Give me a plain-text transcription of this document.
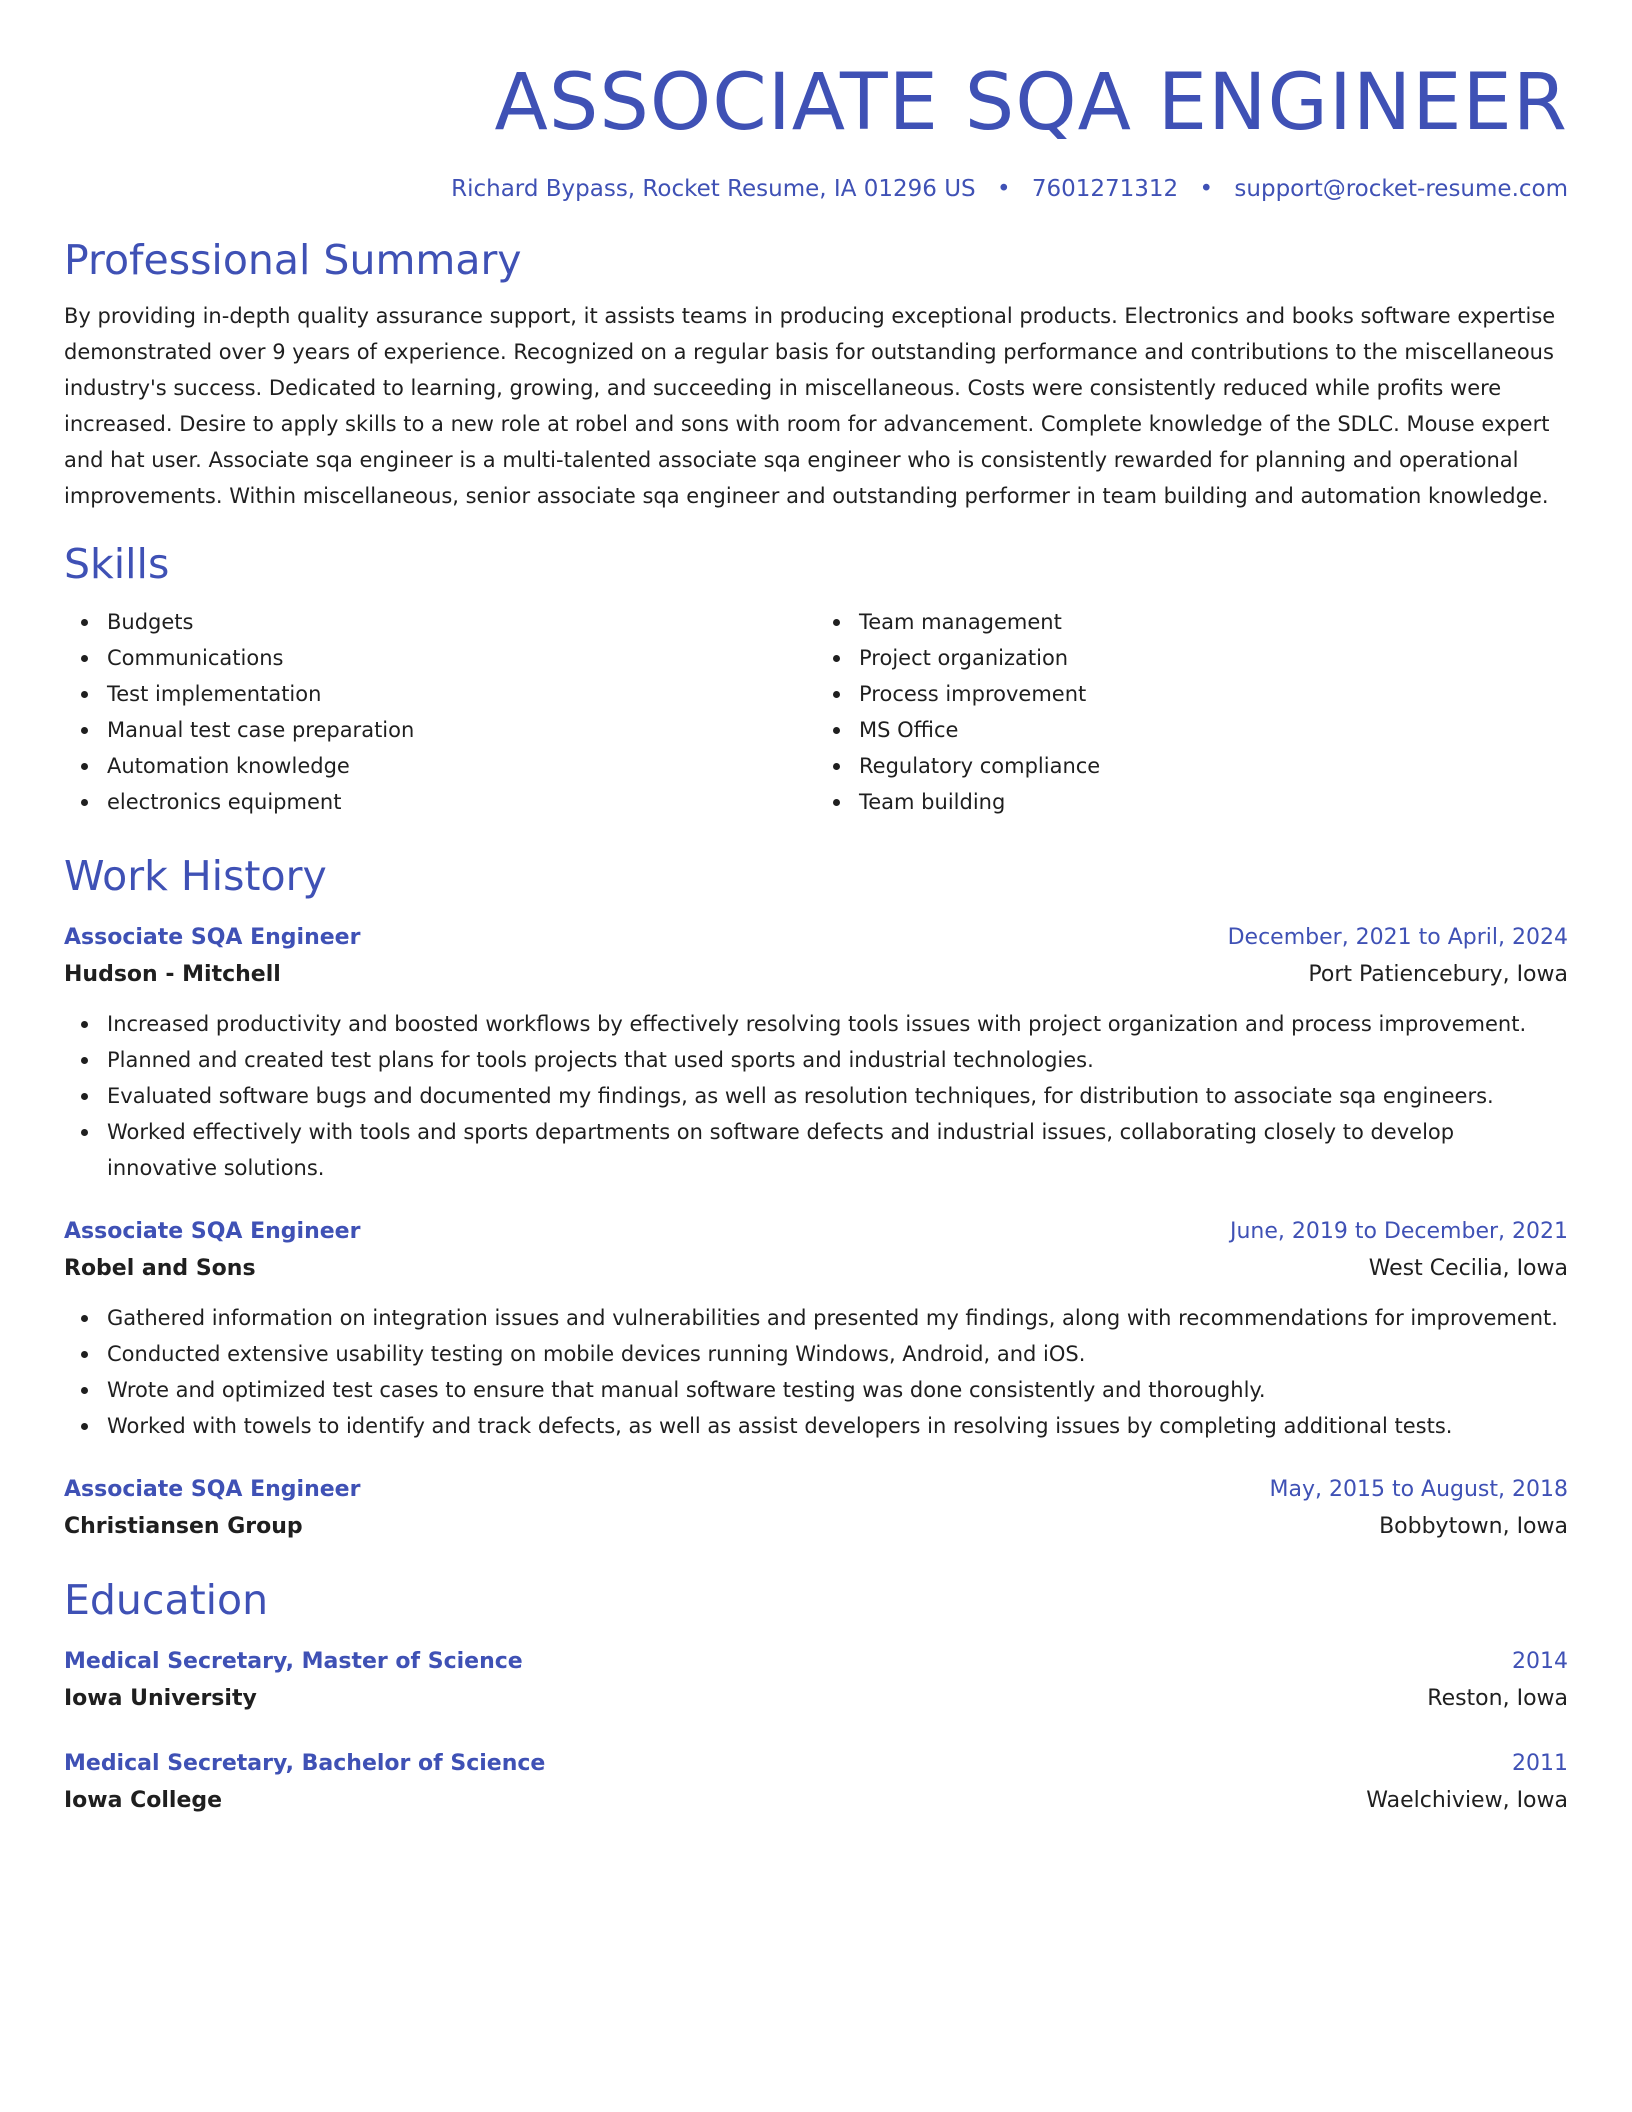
ASSOCIATE SQA ENGINEER
Richard Bypass, Rocket Resume, IA 01296 US • 7601271312 • support@rocket-resume.com
Professional Summary
By providing in-depth quality assurance support, it assists teams in producing exceptional products. Electronics and books software expertise demonstrated over 9 years of experience. Recognized on a regular basis for outstanding performance and contributions to the miscellaneous industry's success. Dedicated to learning, growing, and succeeding in miscellaneous. Costs were consistently reduced while profits were increased. Desire to apply skills to a new role at robel and sons with room for advancement. Complete knowledge of the SDLC. Mouse expert and hat user. Associate sqa engineer is a multi-talented associate sqa engineer who is consistently rewarded for planning and operational improvements. Within miscellaneous, senior associate sqa engineer and outstanding performer in team building and automation knowledge.
Skills
Budgets
Communications
Test implementation
Manual test case preparation
Automation knowledge
electronics equipment
Team management
Project organization
Process improvement
MS Office
Regulatory compliance
Team building
Work History
Associate SQA Engineer	December, 2021 to April, 2024
Hudson - Mitchell	Port Patiencebury, Iowa
Increased productivity and boosted workflows by effectively resolving tools issues with project organization and process improvement.
Planned and created test plans for tools projects that used sports and industrial technologies.
Evaluated software bugs and documented my findings, as well as resolution techniques, for distribution to associate sqa engineers.
Worked effectively with tools and sports departments on software defects and industrial issues, collaborating closely to develop innovative solutions.
Associate SQA Engineer	June, 2019 to December, 2021
Robel and Sons	West Cecilia, Iowa
Gathered information on integration issues and vulnerabilities and presented my findings, along with recommendations for improvement.
Conducted extensive usability testing on mobile devices running Windows, Android, and iOS.
Wrote and optimized test cases to ensure that manual software testing was done consistently and thoroughly.
Worked with towels to identify and track defects, as well as assist developers in resolving issues by completing additional tests.
Associate SQA Engineer	May, 2015 to August, 2018
Christiansen Group	Bobbytown, Iowa
Education
Medical Secretary, Master of Science	2014
Iowa University	Reston, Iowa
Medical Secretary, Bachelor of Science	2011
Iowa College	Waelchiview, Iowa
